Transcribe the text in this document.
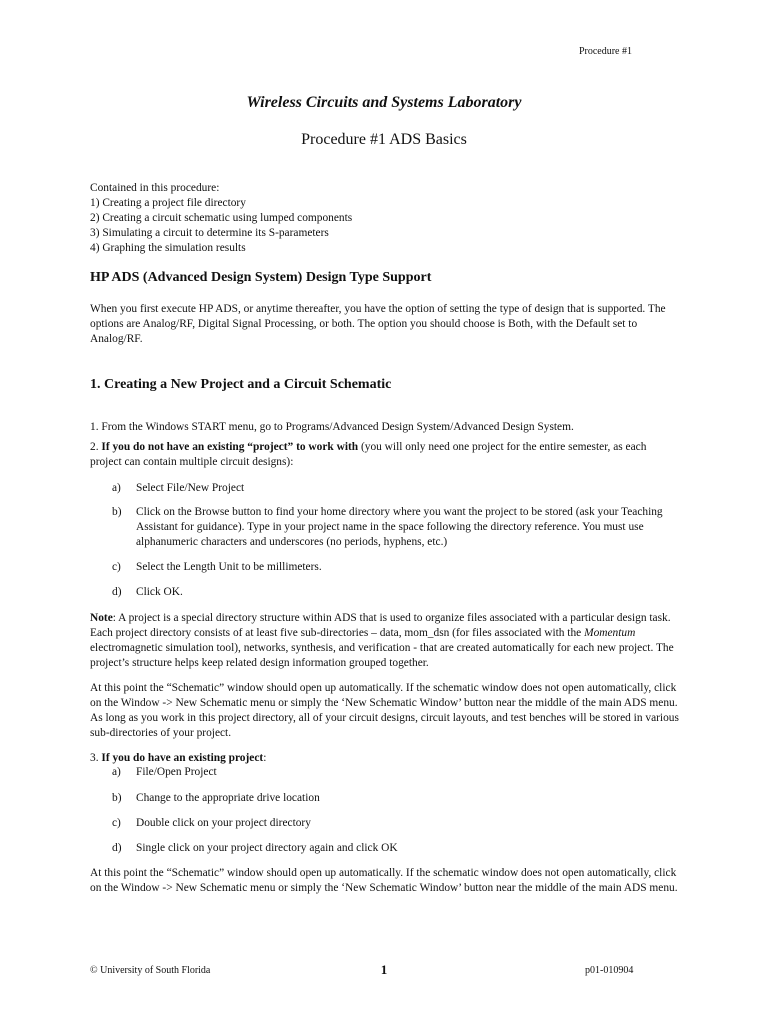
Procedure #1
Wireless Circuits and Systems Laboratory
Procedure #1 ADS Basics
Contained in this procedure:
1) Creating a project file directory
2) Creating a circuit schematic using lumped components
3) Simulating a circuit to determine its S-parameters
4) Graphing the simulation results
HP ADS (Advanced Design System) Design Type Support

When you first execute HP ADS, or anytime thereafter, you have the option of setting the type of design that is supported. The options are Analog/RF, Digital Signal Processing, or both. The option you should choose is Both, with the Default set to Analog/RF.

1. Creating a New Project and a Circuit Schematic

1. From the Windows START menu, go to Programs/Advanced Design System/Advanced Design System.

2. If you do not have an existing “project” to work with (you will only need one project for the entire semester, as each project can contain multiple circuit designs):

a) Select File/New Project
b) Click on the Browse button to find your home directory where you want the project to be stored (ask your Teaching Assistant for guidance). Type in your project name in the space following the directory reference. You must use alphanumeric characters and underscores (no periods, hyphens, etc.)
c) Select the Length Unit to be millimeters.
d) Click OK.

Note: A project is a special directory structure within ADS that is used to organize files associated with a particular design task. Each project directory consists of at least five sub-directories – data, mom_dsn (for files associated with the Momentum electromagnetic simulation tool), networks, synthesis, and verification - that are created automatically for each new project. The project’s structure helps keep related design information grouped together.

At this point the “Schematic” window should open up automatically. If the schematic window does not open automatically, click on the Window -> New Schematic menu or simply the ‘New Schematic Window’ button near the middle of the main ADS menu. As long as you work in this project directory, all of your circuit designs, circuit layouts, and test benches will be stored in various sub-directories of your project.

3. If you do have an existing project:

a) File/Open Project
b) Change to the appropriate drive location
c) Double click on your project directory
d) Single click on your project directory again and click OK

At this point the “Schematic” window should open up automatically. If the schematic window does not open automatically, click on the Window -> New Schematic menu or simply the ‘New Schematic Window’ button near the middle of the main ADS menu.

© University of South Florida	1	p01-010904
